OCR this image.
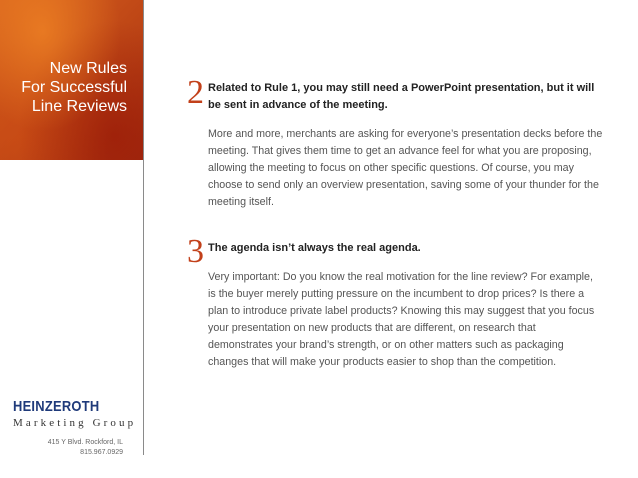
New Rules
For Successful
Line Reviews
HEINZEROTH
Marketing Group
415 Y Blvd. Rockford, IL
815.967.0929
2 Related to Rule 1, you may still need a PowerPoint presentation, but it will be sent in advance of the meeting.

More and more, merchants are asking for everyone’s presentation decks before the meeting. That gives them time to get an advance feel for what you are proposing, allowing the meeting to focus on other specific questions. Of course, you may choose to send only an overview presentation, saving some of your thunder for the meeting itself.

3 The agenda isn’t always the real agenda.

Very important: Do you know the real motivation for the line review? For example, is the buyer merely putting pressure on the incumbent to drop prices? Is there a plan to introduce private label products? Knowing this may suggest that you focus your presentation on new products that are different, on research that demonstrates your brand’s strength, or on other matters such as packaging changes that will make your products easier to shop than the competition.
